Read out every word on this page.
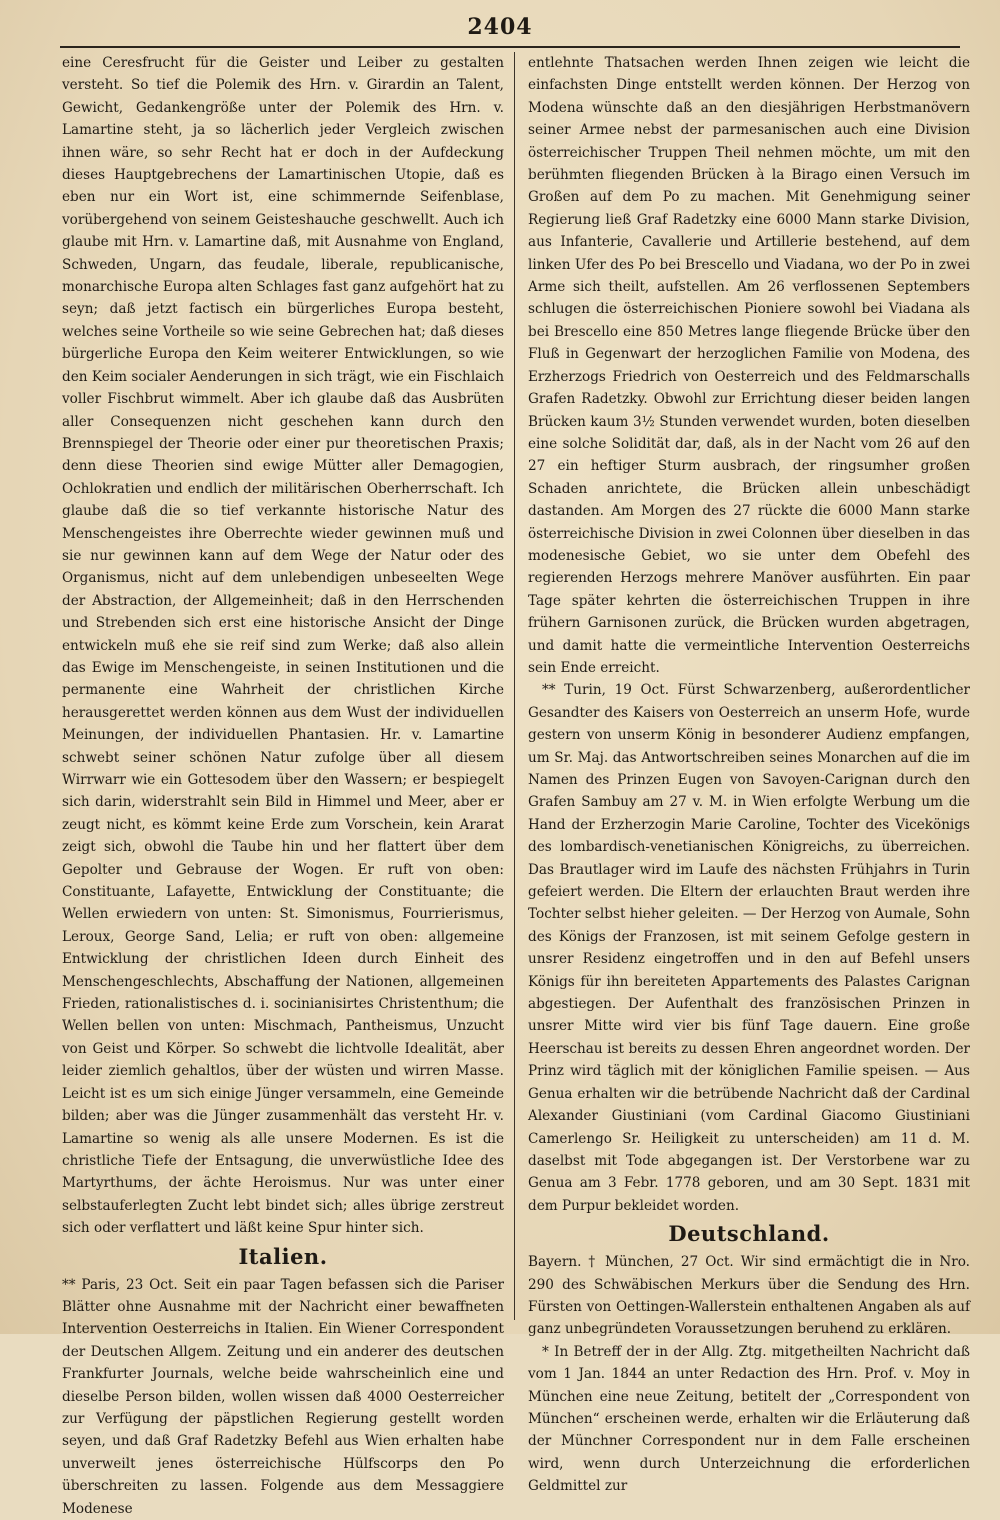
2404

eine Ceresfrucht für die Geister und Leiber zu gestalten versteht. So tief die Polemik des Hrn. v. Girardin an Talent, Gewicht, Gedankengröße unter der Polemik des Hrn. v. Lamartine steht, ja so lächerlich jeder Vergleich zwischen ihnen wäre, so sehr Recht hat er doch in der Aufdeckung dieses Hauptgebrechens der Lamartinischen Utopie, daß es eben nur ein Wort ist, eine schimmernde Seifenblase, vorübergehend von seinem Geisteshauche geschwellt. Auch ich glaube mit Hrn. v. Lamartine daß, mit Ausnahme von England, Schweden, Ungarn, das feudale, liberale, republicanische, monarchische Europa alten Schlages fast ganz aufgehört hat zu seyn; daß jetzt factisch ein bürgerliches Europa besteht, welches seine Vortheile so wie seine Gebrechen hat; daß dieses bürgerliche Europa den Keim weiterer Entwicklungen, so wie den Keim socialer Aenderungen in sich trägt, wie ein Fischlaich voller Fischbrut wimmelt. Aber ich glaube daß das Ausbrüten aller Consequenzen nicht geschehen kann durch den Brennspiegel der Theorie oder einer pur theoretischen Praxis; denn diese Theorien sind ewige Mütter aller Demagogien, Ochlokratien und endlich der militärischen Oberherrschaft. Ich glaube daß die so tief verkannte historische Natur des Menschengeistes ihre Oberrechte wieder gewinnen muß und sie nur gewinnen kann auf dem Wege der Natur oder des Organismus, nicht auf dem unlebendigen unbeseelten Wege der Abstraction, der Allgemeinheit; daß in den Herrschenden und Strebenden sich erst eine historische Ansicht der Dinge entwickeln muß ehe sie reif sind zum Werke; daß also allein das Ewige im Menschengeiste, in seinen Institutionen und die permanente eine Wahrheit der christlichen Kirche herausgerettet werden können aus dem Wust der individuellen Meinungen, der individuellen Phantasien. Hr. v. Lamartine schwebt seiner schönen Natur zufolge über all diesem Wirrwarr wie ein Gottesodem über den Wassern; er bespiegelt sich darin, widerstrahlt sein Bild in Himmel und Meer, aber er zeugt nicht, es kömmt keine Erde zum Vorschein, kein Ararat zeigt sich, obwohl die Taube hin und her flattert über dem Gepolter und Gebrause der Wogen. Er ruft von oben: Constituante, Lafayette, Entwicklung der Constituante; die Wellen erwiedern von unten: St. Simonismus, Fourrierismus, Leroux, George Sand, Lelia; er ruft von oben: allgemeine Entwicklung der christlichen Ideen durch Einheit des Menschengeschlechts, Abschaffung der Nationen, allgemeinen Frieden, rationalistisches d. i. socinianisirtes Christenthum; die Wellen bellen von unten: Mischmach, Pantheismus, Unzucht von Geist und Körper. So schwebt die lichtvolle Idealität, aber leider ziemlich gehaltlos, über der wüsten und wirren Masse. Leicht ist es um sich einige Jünger versammeln, eine Gemeinde bilden; aber was die Jünger zusammenhält das versteht Hr. v. Lamartine so wenig als alle unsere Modernen. Es ist die christliche Tiefe der Entsagung, die unverwüstliche Idee des Martyrthums, der ächte Heroismus. Nur was unter einer selbstauferlegten Zucht lebt bindet sich; alles übrige zerstreut sich oder verflattert und läßt keine Spur hinter sich.

Italien.

** Paris, 23 Oct. Seit ein paar Tagen befassen sich die Pariser Blätter ohne Ausnahme mit der Nachricht einer bewaffneten Intervention Oesterreichs in Italien. Ein Wiener Correspondent der Deutschen Allgem. Zeitung und ein anderer des deutschen Frankfurter Journals, welche beide wahrscheinlich eine und dieselbe Person bilden, wollen wissen daß 4000 Oesterreicher zur Verfügung der päpstlichen Regierung gestellt worden seyen, und daß Graf Radetzky Befehl aus Wien erhalten habe unverweilt jenes österreichische Hülfscorps den Po überschreiten zu lassen. Folgende aus dem Messaggiere Modenese

entlehnte Thatsachen werden Ihnen zeigen wie leicht die einfachsten Dinge entstellt werden können. Der Herzog von Modena wünschte daß an den diesjährigen Herbstmanövern seiner Armee nebst der parmesanischen auch eine Division österreichischer Truppen Theil nehmen möchte, um mit den berühmten fliegenden Brücken à la Birago einen Versuch im Großen auf dem Po zu machen. Mit Genehmigung seiner Regierung ließ Graf Radetzky eine 6000 Mann starke Division, aus Infanterie, Cavallerie und Artillerie bestehend, auf dem linken Ufer des Po bei Brescello und Viadana, wo der Po in zwei Arme sich theilt, aufstellen. Am 26 verflossenen Septembers schlugen die österreichischen Pioniere sowohl bei Viadana als bei Brescello eine 850 Metres lange fliegende Brücke über den Fluß in Gegenwart der herzoglichen Familie von Modena, des Erzherzogs Friedrich von Oesterreich und des Feldmarschalls Grafen Radetzky. Obwohl zur Errichtung dieser beiden langen Brücken kaum 3½ Stunden verwendet wurden, boten dieselben eine solche Solidität dar, daß, als in der Nacht vom 26 auf den 27 ein heftiger Sturm ausbrach, der ringsumher großen Schaden anrichtete, die Brücken allein unbeschädigt dastanden. Am Morgen des 27 rückte die 6000 Mann starke österreichische Division in zwei Colonnen über dieselben in das modenesische Gebiet, wo sie unter dem Obefehl des regierenden Herzogs mehrere Manöver ausführten. Ein paar Tage später kehrten die österreichischen Truppen in ihre frühern Garnisonen zurück, die Brücken wurden abgetragen, und damit hatte die vermeintliche Intervention Oesterreichs sein Ende erreicht.

** Turin, 19 Oct. Fürst Schwarzenberg, außerordentlicher Gesandter des Kaisers von Oesterreich an unserm Hofe, wurde gestern von unserm König in besonderer Audienz empfangen, um Sr. Maj. das Antwortschreiben seines Monarchen auf die im Namen des Prinzen Eugen von Savoyen-Carignan durch den Grafen Sambuy am 27 v. M. in Wien erfolgte Werbung um die Hand der Erzherzogin Marie Caroline, Tochter des Vicekönigs des lombardisch-venetianischen Königreichs, zu überreichen. Das Brautlager wird im Laufe des nächsten Frühjahrs in Turin gefeiert werden. Die Eltern der erlauchten Braut werden ihre Tochter selbst hieher geleiten. — Der Herzog von Aumale, Sohn des Königs der Franzosen, ist mit seinem Gefolge gestern in unsrer Residenz eingetroffen und in den auf Befehl unsers Königs für ihn bereiteten Appartements des Palastes Carignan abgestiegen. Der Aufenthalt des französischen Prinzen in unsrer Mitte wird vier bis fünf Tage dauern. Eine große Heerschau ist bereits zu dessen Ehren angeordnet worden. Der Prinz wird täglich mit der königlichen Familie speisen. — Aus Genua erhalten wir die betrübende Nachricht daß der Cardinal Alexander Giustiniani (vom Cardinal Giacomo Giustiniani Camerlengo Sr. Heiligkeit zu unterscheiden) am 11 d. M. daselbst mit Tode abgegangen ist. Der Verstorbene war zu Genua am 3 Febr. 1778 geboren, und am 30 Sept. 1831 mit dem Purpur bekleidet worden.

Deutschland.

Bayern. † München, 27 Oct. Wir sind ermächtigt die in Nro. 290 des Schwäbischen Merkurs über die Sendung des Hrn. Fürsten von Oettingen-Wallerstein enthaltenen Angaben als auf ganz unbegründeten Voraussetzungen beruhend zu erklären.

* In Betreff der in der Allg. Ztg. mitgetheilten Nachricht daß vom 1 Jan. 1844 an unter Redaction des Hrn. Prof. v. Moy in München eine neue Zeitung, betitelt der „Correspondent von München“ erscheinen werde, erhalten wir die Erläuterung daß der Münchner Correspondent nur in dem Falle erscheinen wird, wenn durch Unterzeichnung die erforderlichen Geldmittel zur
